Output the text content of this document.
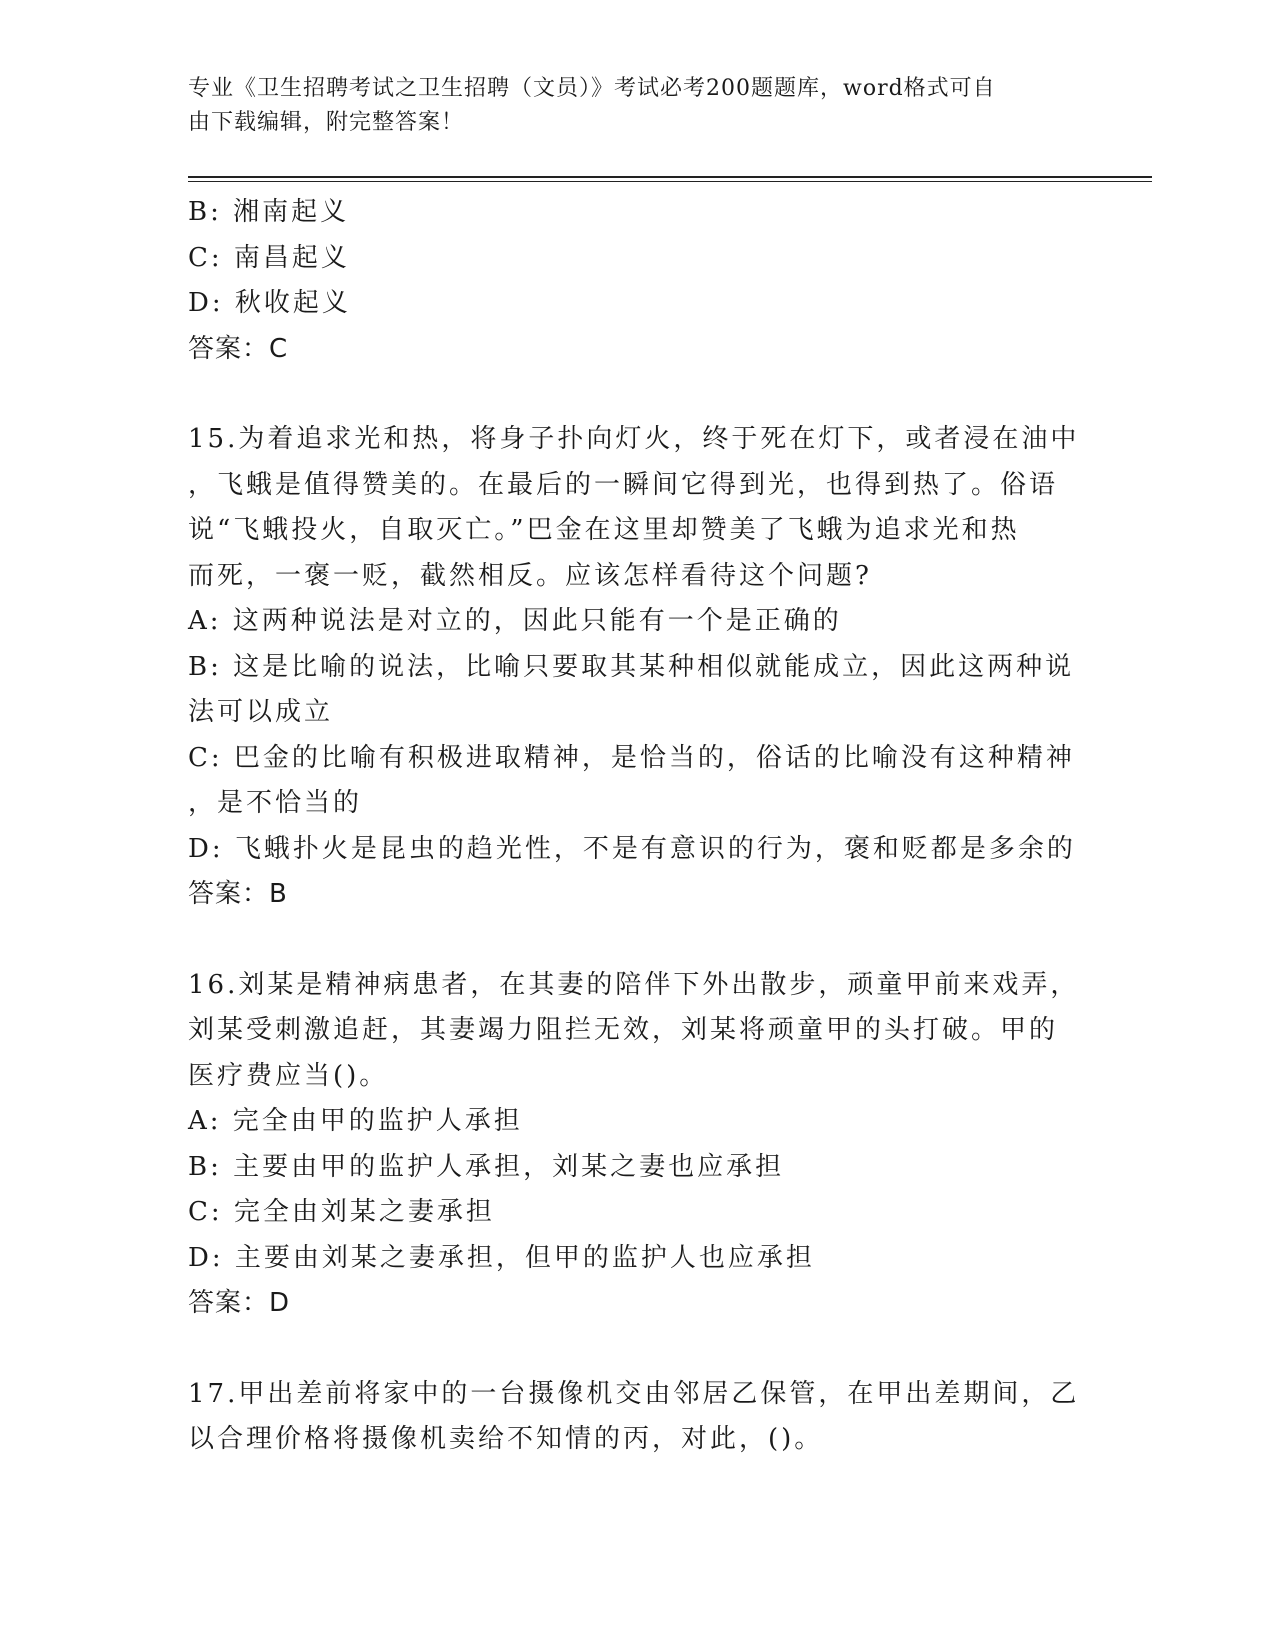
专业《卫生招聘考试之卫生招聘（文员）》考试必考200题题库，word格式可自
由下载编辑，附完整答案！
B: 湘南起义
C: 南昌起义
D: 秋收起义
答案：C
15.为着追求光和热，将身子扑向灯火，终于死在灯下，或者浸在油中
，飞蛾是值得赞美的。在最后的一瞬间它得到光，也得到热了。俗语
说“飞蛾投火，自取灭亡。”巴金在这里却赞美了飞蛾为追求光和热
而死，一褒一贬，截然相反。应该怎样看待这个问题?
A: 这两种说法是对立的，因此只能有一个是正确的
B: 这是比喻的说法，比喻只要取其某种相似就能成立，因此这两种说
法可以成立
C: 巴金的比喻有积极进取精神，是恰当的，俗话的比喻没有这种精神
，是不恰当的
D: 飞蛾扑火是昆虫的趋光性，不是有意识的行为，褒和贬都是多余的
答案：B
16.刘某是精神病患者，在其妻的陪伴下外出散步，顽童甲前来戏弄，
刘某受刺激追赶，其妻竭力阻拦无效，刘某将顽童甲的头打破。甲的
医疗费应当()。
A: 完全由甲的监护人承担
B: 主要由甲的监护人承担，刘某之妻也应承担
C: 完全由刘某之妻承担
D: 主要由刘某之妻承担，但甲的监护人也应承担
答案：D
17.甲出差前将家中的一台摄像机交由邻居乙保管，在甲出差期间，乙
以合理价格将摄像机卖给不知情的丙，对此，()。
